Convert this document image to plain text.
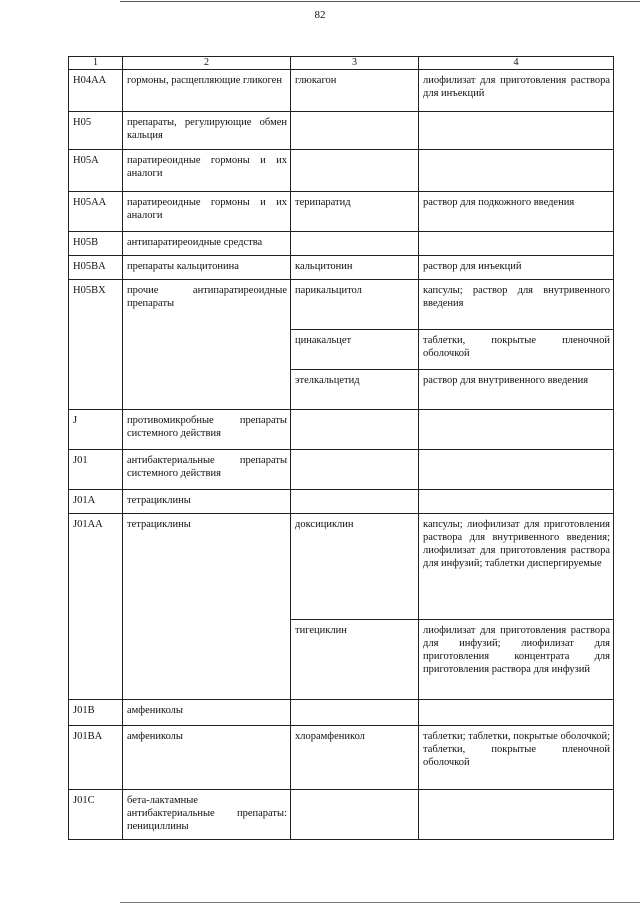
82
1	2	3	4
H04AA	гормоны, расщепляющие гликоген	глюкагон	лиофилизат для приготовления раствора для инъекций
H05	препараты, регулирующие обмен кальция		
H05A	паратиреоидные гормоны и их аналоги		
H05AA	паратиреоидные гормоны и их аналоги	терипаратид	раствор для подкожного введения
H05B	антипаратиреоидные средства		
H05BA	препараты кальцитонина	кальцитонин	раствор для инъекций
H05BX	прочие антипаратиреоидные препараты	парикальцитол	капсулы; раствор для внутривенного введения
		цинакальцет	таблетки, покрытые пленочной оболочкой
		этелкальцетид	раствор для внутривенного введения
J	противомикробные препараты системного действия		
J01	антибактериальные препараты системного действия		
J01A	тетрациклины		
J01AA	тетрациклины	доксициклин	капсулы; лиофилизат для приготовления раствора для внутривенного введения; лиофилизат для приготовления раствора для инфузий; таблетки диспергируемые
		тигециклин	лиофилизат для приготовления раствора для инфузий; лиофилизат для приготовления концентрата для приготовления раствора для инфузий
J01B	амфениколы		
J01BA	амфениколы	хлорамфеникол	таблетки; таблетки, покрытые оболочкой; таблетки, покрытые пленочной оболочкой
J01C	бета-лактамные антибактериальные препараты: пенициллины		
